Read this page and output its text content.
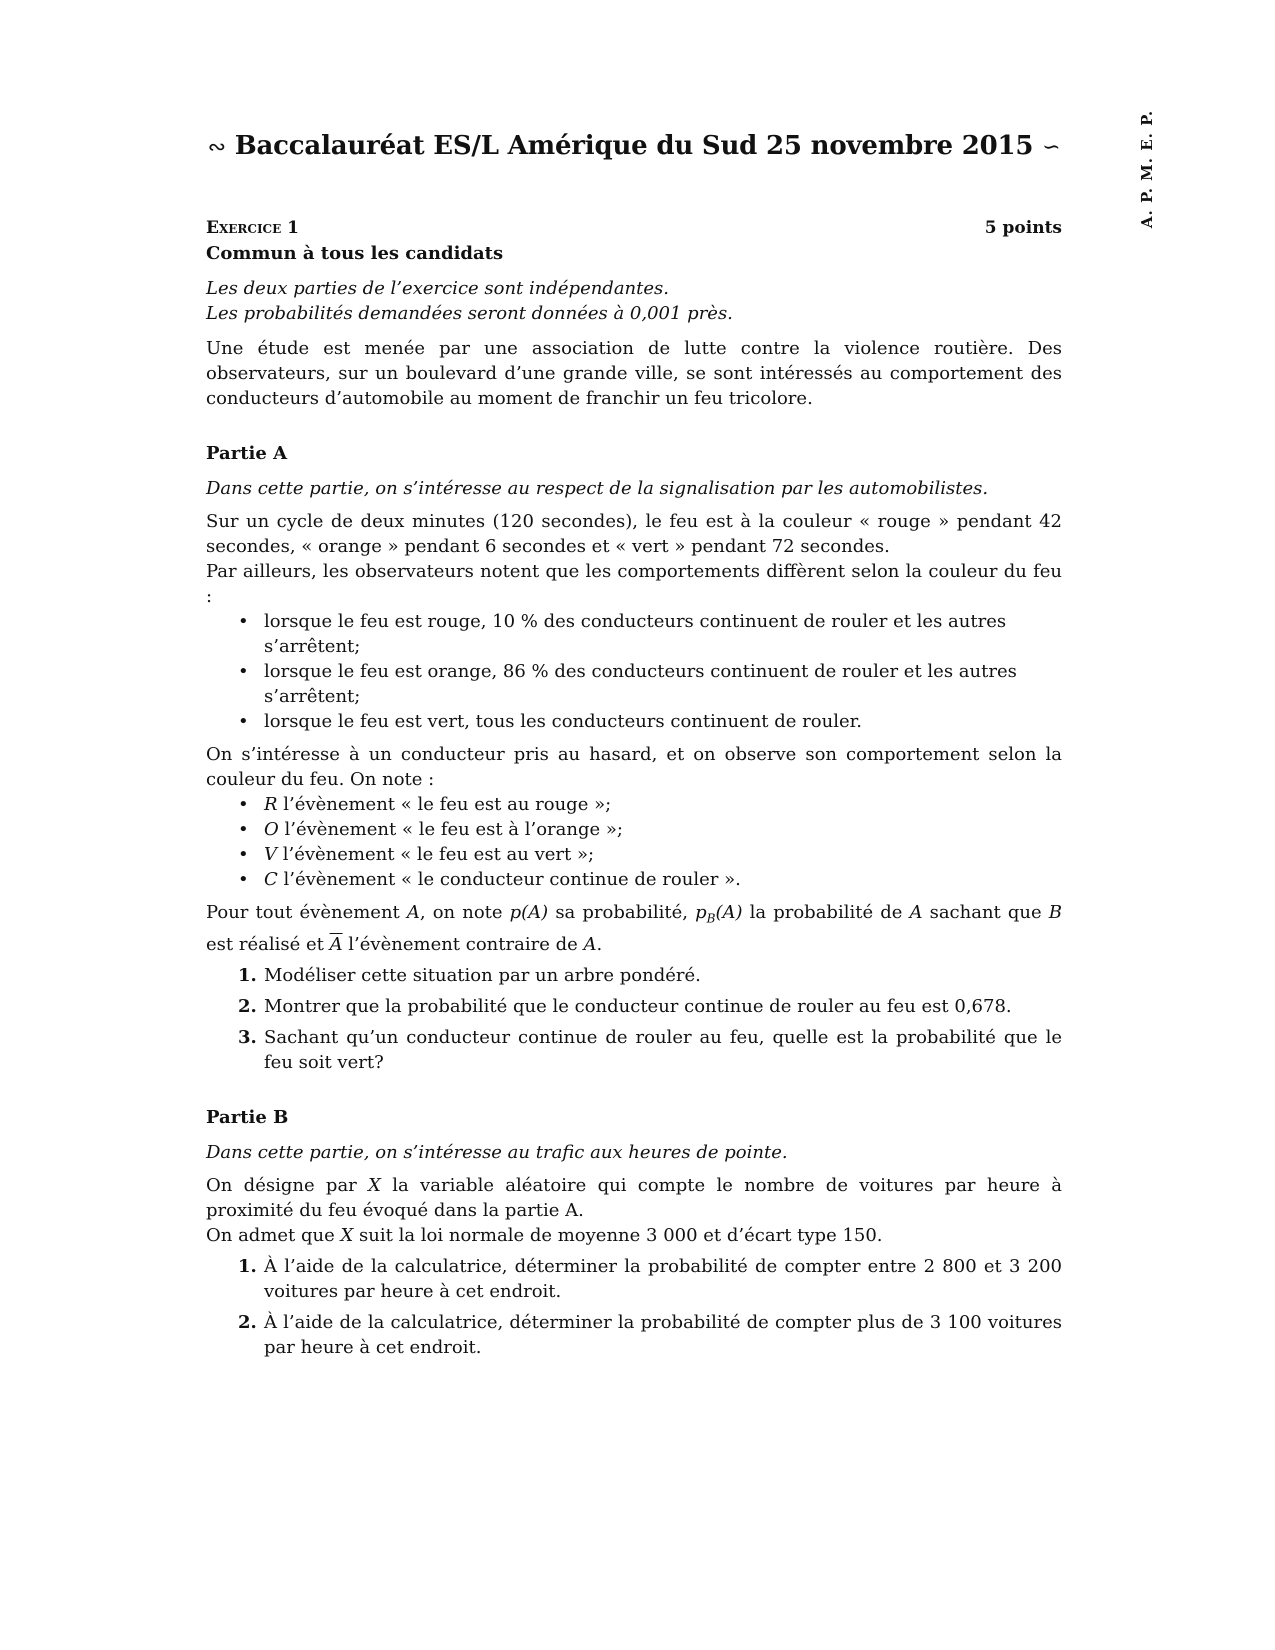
A. P. M. E. P.
∾ Baccalauréat ES/L Amérique du Sud 25 novembre 2015 ∽
Exercice 1	5 points

Commun à tous les candidats

Les deux parties de l’exercice sont indépendantes.

Les probabilités demandées seront données à 0,001 près.

Une étude est menée par une association de lutte contre la violence routière. Des observateurs, sur un boulevard d’une grande ville, se sont intéressés au comportement des conducteurs d’automobile au moment de franchir un feu tricolore.

Partie A

Dans cette partie, on s’intéresse au respect de la signalisation par les automobilistes.

Sur un cycle de deux minutes (120 secondes), le feu est à la couleur « rouge » pendant 42 secondes, « orange » pendant 6 secondes et « vert » pendant 72 secondes.

Par ailleurs, les observateurs notent que les comportements diffèrent selon la couleur du feu :

• lorsque le feu est rouge, 10 % des conducteurs continuent de rouler et les autres s’arrêtent;
• lorsque le feu est orange, 86 % des conducteurs continuent de rouler et les autres s’arrêtent;
• lorsque le feu est vert, tous les conducteurs continuent de rouler.

On s’intéresse à un conducteur pris au hasard, et on observe son comportement selon la couleur du feu. On note :

• R l’évènement « le feu est au rouge »;
• O l’évènement « le feu est à l’orange »;
• V l’évènement « le feu est au vert »;
• C l’évènement « le conducteur continue de rouler ».

Pour tout évènement A, on note p(A) sa probabilité, $p_B(A)$ la probabilité de A sachant que B est réalisé et $\overline{A}$ l’évènement contraire de A.

1. Modéliser cette situation par un arbre pondéré.
2. Montrer que la probabilité que le conducteur continue de rouler au feu est 0,678.
3. Sachant qu’un conducteur continue de rouler au feu, quelle est la probabilité que le feu soit vert?

Partie B

Dans cette partie, on s’intéresse au trafic aux heures de pointe.

On désigne par X la variable aléatoire qui compte le nombre de voitures par heure à proximité du feu évoqué dans la partie A.

On admet que X suit la loi normale de moyenne 3 000 et d’écart type 150.

1. À l’aide de la calculatrice, déterminer la probabilité de compter entre 2 800 et 3 200 voitures par heure à cet endroit.
2. À l’aide de la calculatrice, déterminer la probabilité de compter plus de 3 100 voitures par heure à cet endroit.
